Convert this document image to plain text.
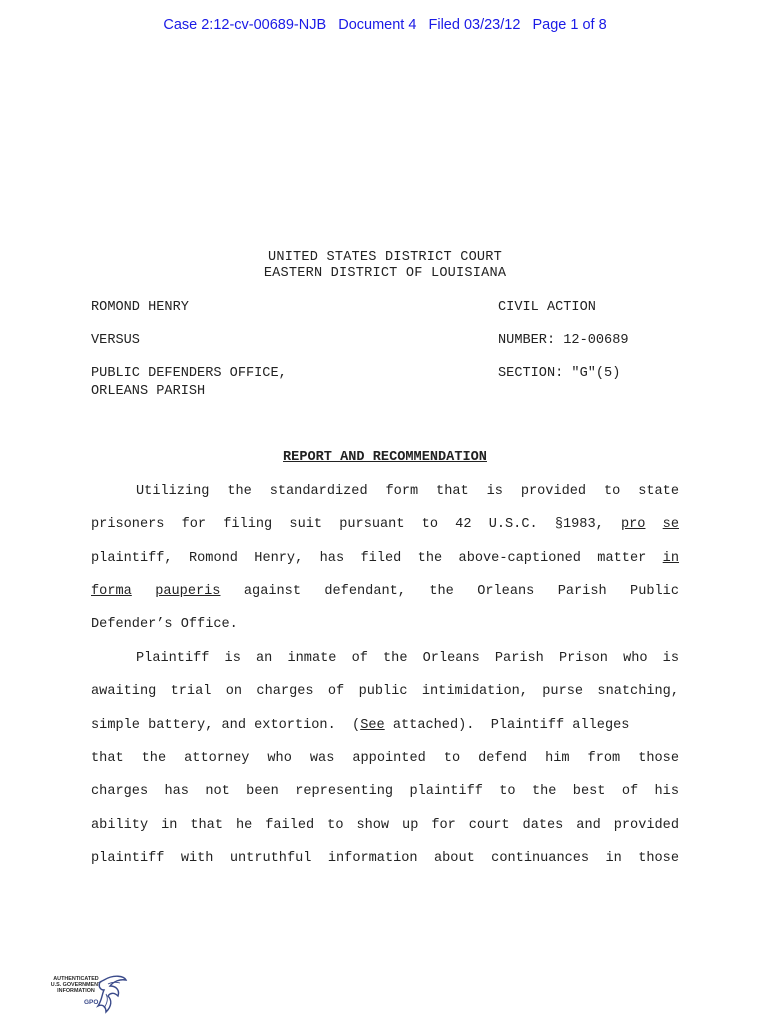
Case 2:12-cv-00689-NJB   Document 4   Filed 03/23/12   Page 1 of 8
UNITED STATES DISTRICT COURT
EASTERN DISTRICT OF LOUISIANA
ROMOND HENRY	CIVIL ACTION
VERSUS	NUMBER: 12-00689
PUBLIC DEFENDERS OFFICE,
ORLEANS PARISH
SECTION: "G"(5)
REPORT AND RECOMMENDATION
Utilizing the standardized form that is provided to state
prisoners for filing suit pursuant to 42 U.S.C. §1983, pro se
plaintiff, Romond Henry, has filed the above-captioned matter in
forma pauperis against defendant, the Orleans Parish Public
Defender’s Office.
Plaintiff is an inmate of the Orleans Parish Prison who is
awaiting trial on charges of public intimidation, purse snatching,
simple battery, and extortion.  (See attached).  Plaintiff alleges
that the attorney who was appointed to defend him from those
charges has not been representing plaintiff to the best of his
ability in that he failed to show up for court dates and provided
plaintiff with untruthful information about continuances in those
AUTHENTICATED
U.S. GOVERNMENT
INFORMATION
GPO
